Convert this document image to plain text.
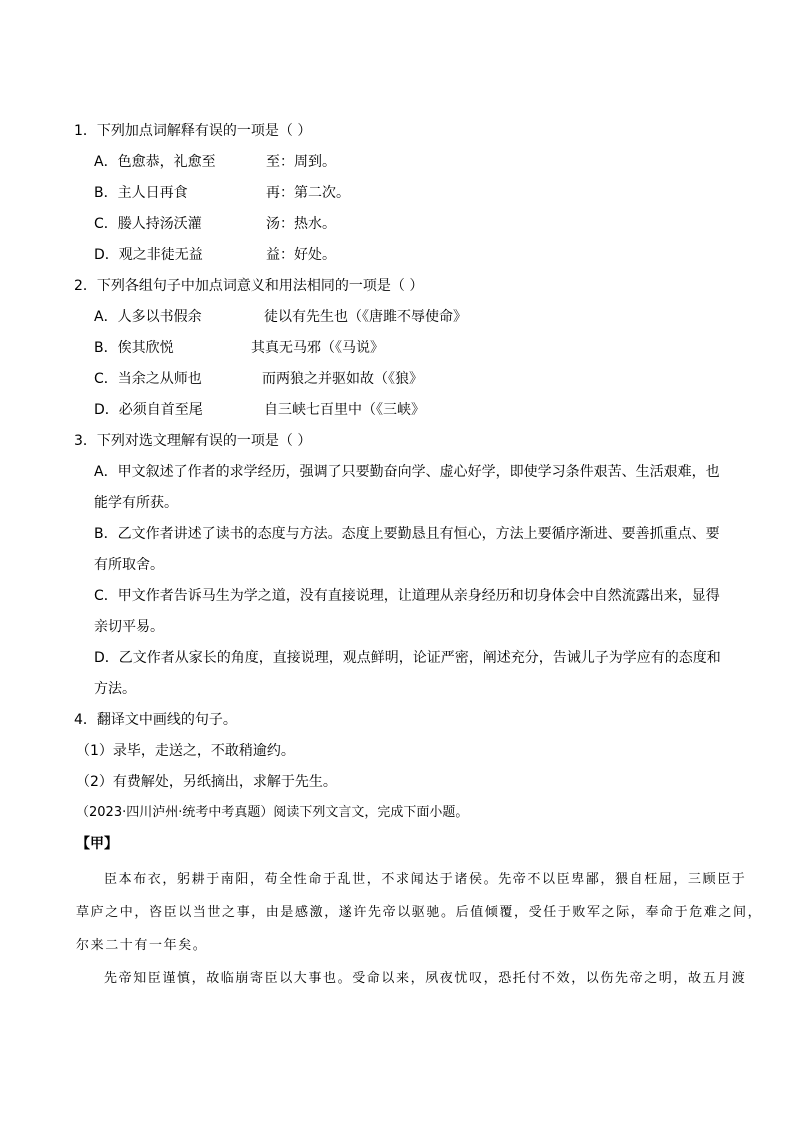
1．下列加点词解释有误的一项是（ ）
A．色愈恭，礼愈至	至：周到。
B．主人日再食	再：第二次。
C．媵人持汤沃灌	汤：热水。
D．观之非徒无益	益：好处。
2．下列各组句子中加点词意义和用法相同的一项是（ ）
A．人多以书假余	徒以有先生也（《唐雎不辱使命》
B．俟其欣悦	其真无马邪（《马说》
C．当余之从师也	而两狼之并驱如故（《狼》
D．必须自首至尾	自三峡七百里中（《三峡》
3．下列对选文理解有误的一项是（ ）
A．甲文叙述了作者的求学经历，强调了只要勤奋向学、虚心好学，即使学习条件艰苦、生活艰难，也
能学有所获。
B．乙文作者讲述了读书的态度与方法。态度上要勤恳且有恒心，方法上要循序渐进、要善抓重点、要
有所取舍。
C．甲文作者告诉马生为学之道，没有直接说理，让道理从亲身经历和切身体会中自然流露出来，显得
亲切平易。
D．乙文作者从家长的角度，直接说理，观点鲜明，论证严密，阐述充分，告诫儿子为学应有的态度和
方法。
4．翻译文中画线的句子。
（1）录毕，走送之，不敢稍逾约。
（2）有费解处，另纸摘出，求解于先生。
（2023·四川泸州·统考中考真题）阅读下列文言文，完成下面小题。
【甲】
臣本布衣，躬耕于南阳，苟全性命于乱世，不求闻达于诸侯。先帝不以臣卑鄙，猥自枉屈，三顾臣于
草庐之中，咨臣以当世之事，由是感激，遂许先帝以驱驰。后值倾覆，受任于败军之际，奉命于危难之间，
尔来二十有一年矣。
先帝知臣谨慎，故临崩寄臣以大事也。受命以来，夙夜忧叹，恐托付不效，以伤先帝之明，故五月渡
